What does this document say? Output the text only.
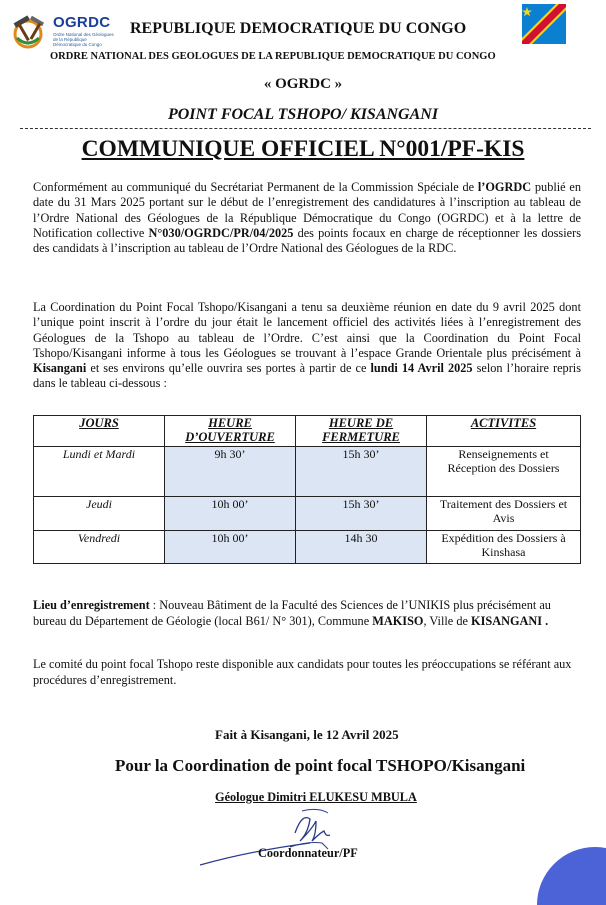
OGRDC
Ordre National des Géologues de la République Démocratique du Congo
REPUBLIQUE DEMOCRATIQUE DU CONGO
ORDRE NATIONAL DES GEOLOGUES DE LA REPUBLIQUE DEMOCRATIQUE DU CONGO
« OGRDC »
POINT FOCAL TSHOPO/ KISANGANI
COMMUNIQUE OFFICIEL N°001/PF-KIS

Conformément au communiqué du Secrétariat Permanent de la Commission Spéciale de l’OGRDC publié en date du 31 Mars 2025 portant sur le début de l’enregistrement des candidatures à l’inscription au tableau de l’Ordre National des Géologues de la République Démocratique du Congo (OGRDC) et à la lettre de Notification collective N°030/OGRDC/PR/04/2025 des points focaux en charge de réceptionner les dossiers des candidats à l’inscription au tableau de l’Ordre National des Géologues de la RDC.

La Coordination du Point Focal Tshopo/Kisangani a tenu sa deuxième réunion en date du 9 avril 2025 dont l’unique point inscrit à l’ordre du jour était le lancement officiel des activités liées à l’enregistrement des Géologues de la Tshopo au tableau de l’Ordre. C’est ainsi que la Coordination du Point Focal Tshopo/Kisangani informe à tous les Géologues se trouvant à l’espace Grande Orientale plus précisément à Kisangani et ses environs qu’elle ouvrira ses portes à partir de ce lundi 14 Avril 2025 selon l’horaire repris dans le tableau ci-dessous :

JOURS	HEURE D’OUVERTURE	HEURE DE FERMETURE	ACTIVITES
Lundi et Mardi	9h 30’	15h 30’	Renseignements et Réception des Dossiers
Jeudi	10h 00’	15h 30’	Traitement des Dossiers et Avis
Vendredi	10h 00’	14h 30	Expédition des Dossiers à Kinshasa

Lieu d’enregistrement : Nouveau Bâtiment de la Faculté des Sciences de l’UNIKIS plus précisément au bureau du Département de Géologie (local B61/ N° 301), Commune MAKISO, Ville de KISANGANI .

Le comité du point focal Tshopo reste disponible aux candidats pour toutes les préoccupations se référant aux procédures d’enregistrement.

Fait à Kisangani, le 12 Avril 2025
Pour la Coordination de point focal TSHOPO/Kisangani
Géologue Dimitri ELUKESU MBULA
Coordonnateur/PF
